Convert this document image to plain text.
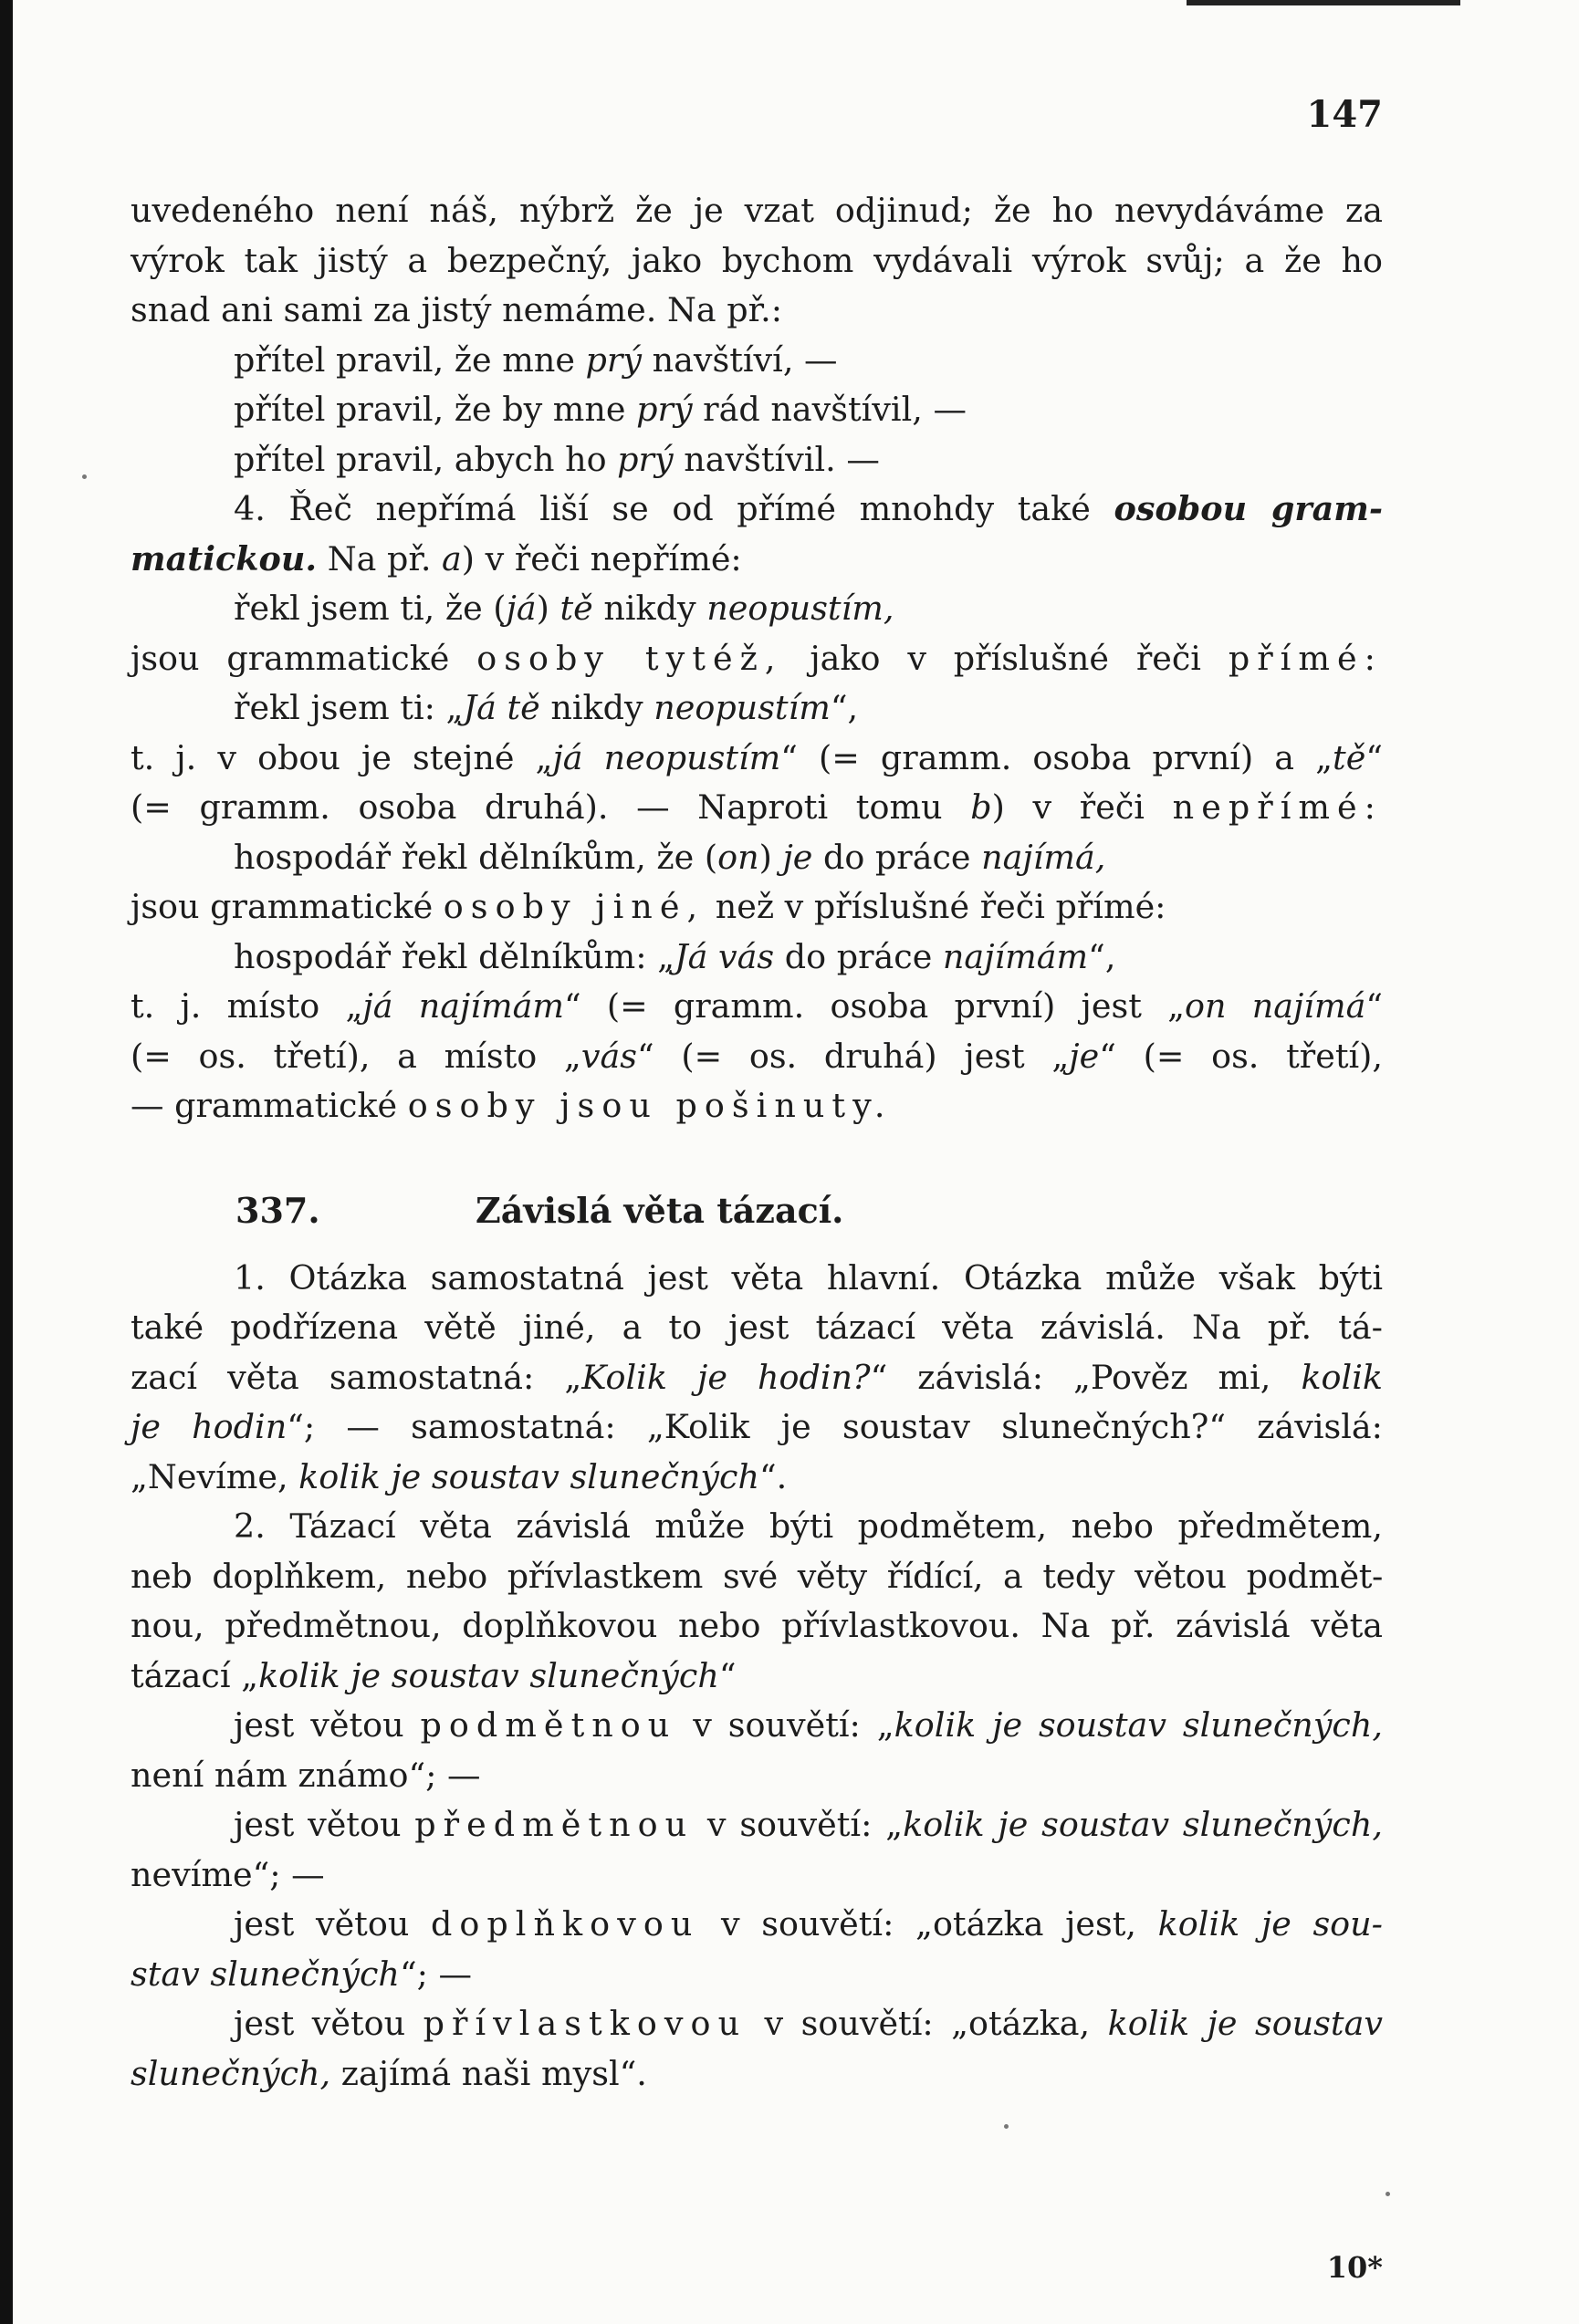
147
uvedeného není náš, nýbrž že je vzat odjinud; že ho nevydáváme za
výrok tak jistý a bezpečný, jako bychom vydávali výrok svůj; a že ho
snad ani sami za jistý nemáme. Na př.:
přítel pravil, že mne prý navštíví, —
přítel pravil, že by mne prý rád navštívil, —
přítel pravil, abych ho prý navštívil. —
4. Řeč nepřímá liší se od přímé mnohdy také osobou gram-
matickou. Na př. a) v řeči nepřímé:
řekl jsem ti, že (já) tě nikdy neopustím,
jsou grammatické osoby tytéž, jako v příslušné řeči přímé:
řekl jsem ti: „Já tě nikdy neopustím“,
t. j. v obou je stejné „já neopustím“ (= gramm. osoba první) a „tě“
(= gramm. osoba druhá). — Naproti tomu b) v řeči nepřímé:
hospodář řekl dělníkům, že (on) je do práce najímá,
jsou grammatické osoby jiné, než v příslušné řeči přímé:
hospodář řekl dělníkům: „Já vás do práce najímám“,
t. j. místo „já najímám“ (= gramm. osoba první) jest „on najímá“
(= os. třetí), a místo „vás“ (= os. druhá) jest „je“ (= os. třetí),
— grammatické osoby jsou pošinuty.
337.	Závislá věta tázací.
1. Otázka samostatná jest věta hlavní. Otázka může však býti
také podřízena větě jiné, a to jest tázací věta závislá. Na př. tá-
zací věta samostatná: „Kolik je hodin?“ závislá: „Pověz mi, kolik
je hodin“; — samostatná: „Kolik je soustav slunečných?“ závislá:
„Nevíme, kolik je soustav slunečných“.
2. Tázací věta závislá může býti podmětem, nebo předmětem,
neb doplňkem, nebo přívlastkem své věty řídící, a tedy větou podmět-
nou, předmětnou, doplňkovou nebo přívlastkovou. Na př. závislá věta
tázací „kolik je soustav slunečných“
jest větou podmětnou v souvětí: „kolik je soustav slunečných,
není nám známo“; —
jest větou předmětnou v souvětí: „kolik je soustav slunečných,
nevíme“; —
jest větou doplňkovou v souvětí: „otázka jest, kolik je sou-
stav slunečných“; —
jest větou přívlastkovou v souvětí: „otázka, kolik je soustav
slunečných, zajímá naši mysl“.
10*
